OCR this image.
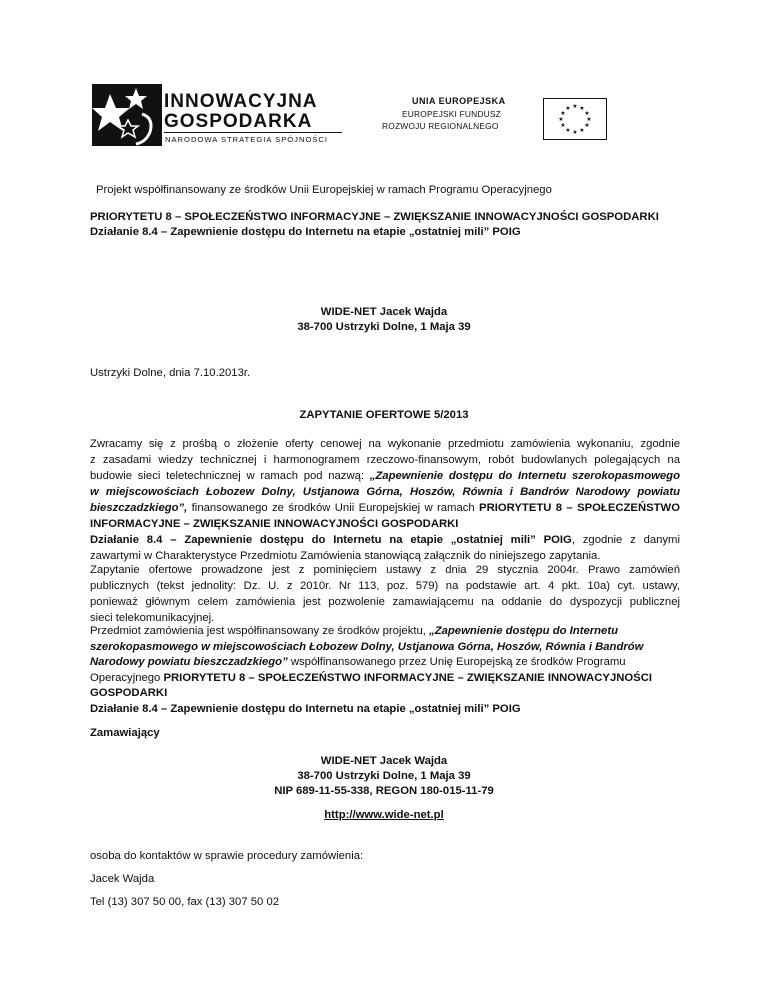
INNOWACYJNA
GOSPODARKA
NARODOWA STRATEGIA SPÓJNOŚCI
UNIA EUROPEJSKA
EUROPEJSKI FUNDUSZ
ROZWOJU REGIONALNEGO
★ ★
★
★
★
★
★
★
★
★
★
★
Projekt współfinansowany ze środków Unii Europejskiej w ramach Programu Operacyjnego
PRIORYTETU 8 – SPOŁECZEŃSTWO INFORMACYJNE – ZWIĘKSZANIE INNOWACYJNOŚCI GOSPODARKI
Działanie 8.4 – Zapewnienie dostępu do Internetu na etapie „ostatniej mili” POIG
WIDE-NET Jacek Wajda
38-700 Ustrzyki Dolne, 1 Maja 39
Ustrzyki Dolne, dnia 7.10.2013r.
ZAPYTANIE OFERTOWE 5/2013
Zwracamy się z prośbą o złożenie oferty cenowej na wykonanie przedmiotu zamówienia wykonaniu, zgodnie
z zasadami wiedzy technicznej i harmonogramem rzeczowo-finansowym, robót budowlanych polegających na
budowie sieci teletechnicznej w ramach pod nazwą: „Zapewnienie dostępu do Internetu szerokopasmowego
w miejscowościach Łobozew Dolny, Ustjanowa Górna, Hoszów, Równia i Bandrów Narodowy powiatu
bieszczadzkiego”, finansowanego ze środków Unii Europejskiej w ramach PRIORYTETU 8 – SPOŁECZEŃSTWO
INFORMACYJNE – ZWIĘKSZANIE INNOWACYJNOŚCI GOSPODARKI
Działanie 8.4 – Zapewnienie dostępu do Internetu na etapie „ostatniej mili” POIG, zgodnie z danymi
zawartymi w Charakterystyce Przedmiotu Zamówienia stanowiącą załącznik do niniejszego zapytania.
Zapytanie ofertowe prowadzone jest z pominięciem ustawy z dnia 29 stycznia 2004r. Prawo zamówień
publicznych (tekst jednolity: Dz. U. z 2010r. Nr 113, poz. 579) na podstawie art. 4 pkt. 10a) cyt. ustawy,
ponieważ głównym celem zamówienia jest pozwolenie zamawiającemu na oddanie do dyspozycji publicznej
sieci telekomunikacyjnej.
Przedmiot zamówienia jest współfinansowany ze środków projektu, „Zapewnienie dostępu do Internetu
szerokopasmowego w miejscowościach Łobozew Dolny, Ustjanowa Górna, Hoszów, Równia i Bandrów
Narodowy powiatu bieszczadzkiego” współfinansowanego przez Unię Europejską ze środków Programu
Operacyjnego PRIORYTETU 8 – SPOŁECZEŃSTWO INFORMACYJNE – ZWIĘKSZANIE INNOWACYJNOŚCI
GOSPODARKI
Działanie 8.4 – Zapewnienie dostępu do Internetu na etapie „ostatniej mili” POIG
Zamawiający
WIDE-NET Jacek Wajda
38-700 Ustrzyki Dolne, 1 Maja 39
NIP 689-11-55-338, REGON 180-015-11-79
http://www.wide-net.pl
osoba do kontaktów w sprawie procedury zamówienia:
Jacek Wajda
Tel (13) 307 50 00, fax (13) 307 50 02
